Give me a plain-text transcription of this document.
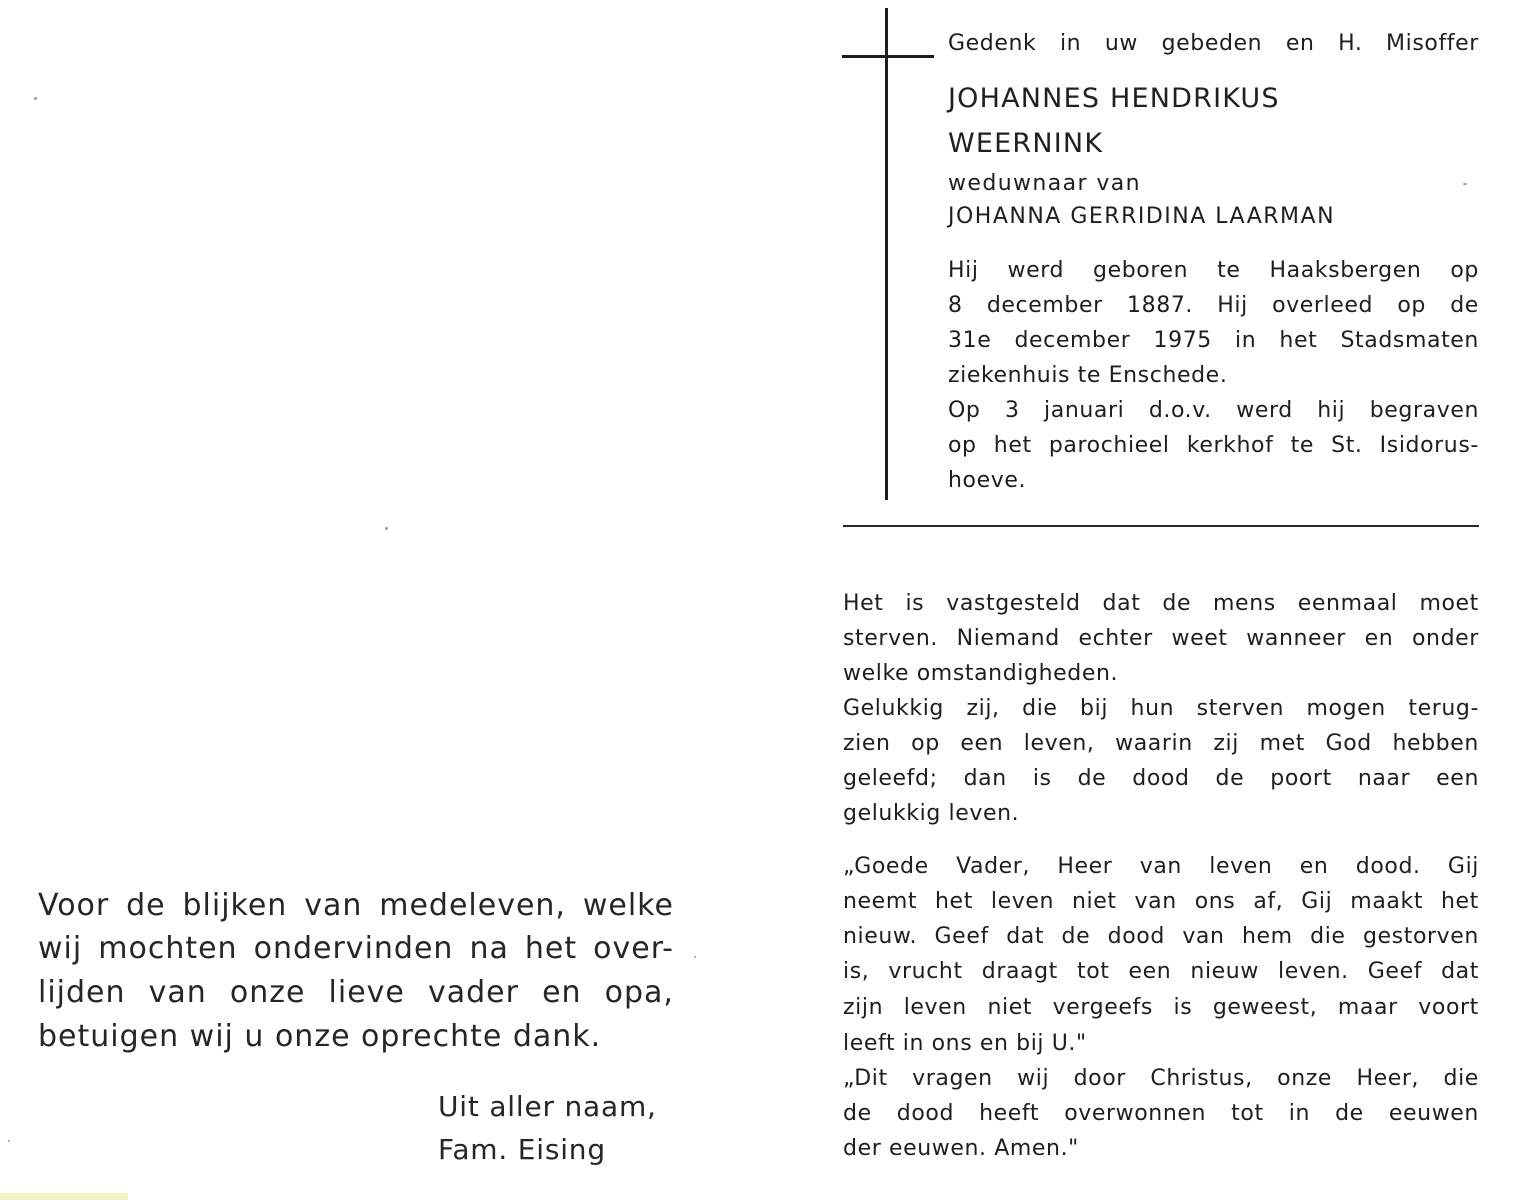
Gedenk in uw gebeden en H. Misoffer
JOHANNES HENDRIKUS
WEERNINK
weduwnaar van
JOHANNA GERRIDINA LAARMAN
Hij werd geboren te Haaksbergen op
8 december 1887. Hij overleed op de
31e december 1975 in het Stadsmaten
ziekenhuis te Enschede.
Op 3 januari d.o.v. werd hij begraven
op het parochieel kerkhof te St. Isidorus-
hoeve.
Het is vastgesteld dat de mens eenmaal moet
sterven. Niemand echter weet wanneer en onder
welke omstandigheden.
Gelukkig zij, die bij hun sterven mogen terug-
zien op een leven, waarin zij met God hebben
geleefd; dan is de dood de poort naar een
gelukkig leven.
„Goede Vader, Heer van leven en dood. Gij
neemt het leven niet van ons af, Gij maakt het
nieuw. Geef dat de dood van hem die gestorven
is, vrucht draagt tot een nieuw leven. Geef dat
zijn leven niet vergeefs is geweest, maar voort
leeft in ons en bij U."
„Dit vragen wij door Christus, onze Heer, die
de dood heeft overwonnen tot in de eeuwen
der eeuwen. Amen."
Voor de blijken van medeleven, welke
wij mochten ondervinden na het over-
lijden van onze lieve vader en opa,
betuigen wij u onze oprechte dank.
Uit aller naam,
Fam. Eising
